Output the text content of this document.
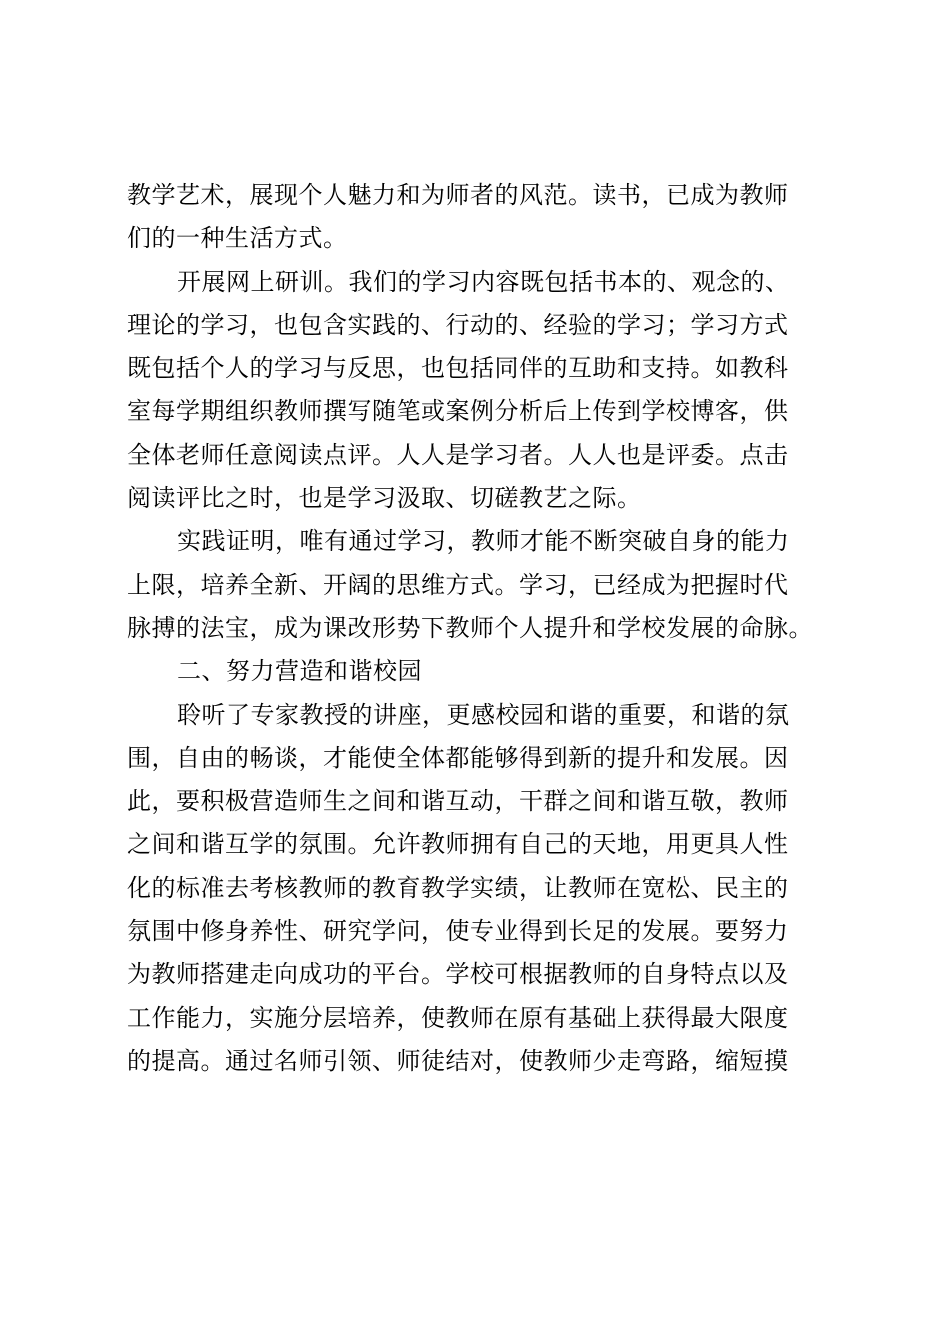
教学艺术，展现个人魅力和为师者的风范。读书，已成为教师
们的一种生活方式。
开展网上研训。我们的学习内容既包括书本的、观念的、
理论的学习，也包含实践的、行动的、经验的学习；学习方式
既包括个人的学习与反思，也包括同伴的互助和支持。如教科
室每学期组织教师撰写随笔或案例分析后上传到学校博客，供
全体老师任意阅读点评。人人是学习者。人人也是评委。点击
阅读评比之时，也是学习汲取、切磋教艺之际。
实践证明，唯有通过学习，教师才能不断突破自身的能力
上限，培养全新、开阔的思维方式。学习，已经成为把握时代
脉搏的法宝，成为课改形势下教师个人提升和学校发展的命脉。
二、努力营造和谐校园
聆听了专家教授的讲座，更感校园和谐的重要，和谐的氛
围，自由的畅谈，才能使全体都能够得到新的提升和发展。因
此，要积极营造师生之间和谐互动，干群之间和谐互敬，教师
之间和谐互学的氛围。允许教师拥有自己的天地，用更具人性
化的标准去考核教师的教育教学实绩，让教师在宽松、民主的
氛围中修身养性、研究学问，使专业得到长足的发展。要努力
为教师搭建走向成功的平台。学校可根据教师的自身特点以及
工作能力，实施分层培养，使教师在原有基础上获得最大限度
的提高。通过名师引领、师徒结对，使教师少走弯路，缩短摸
